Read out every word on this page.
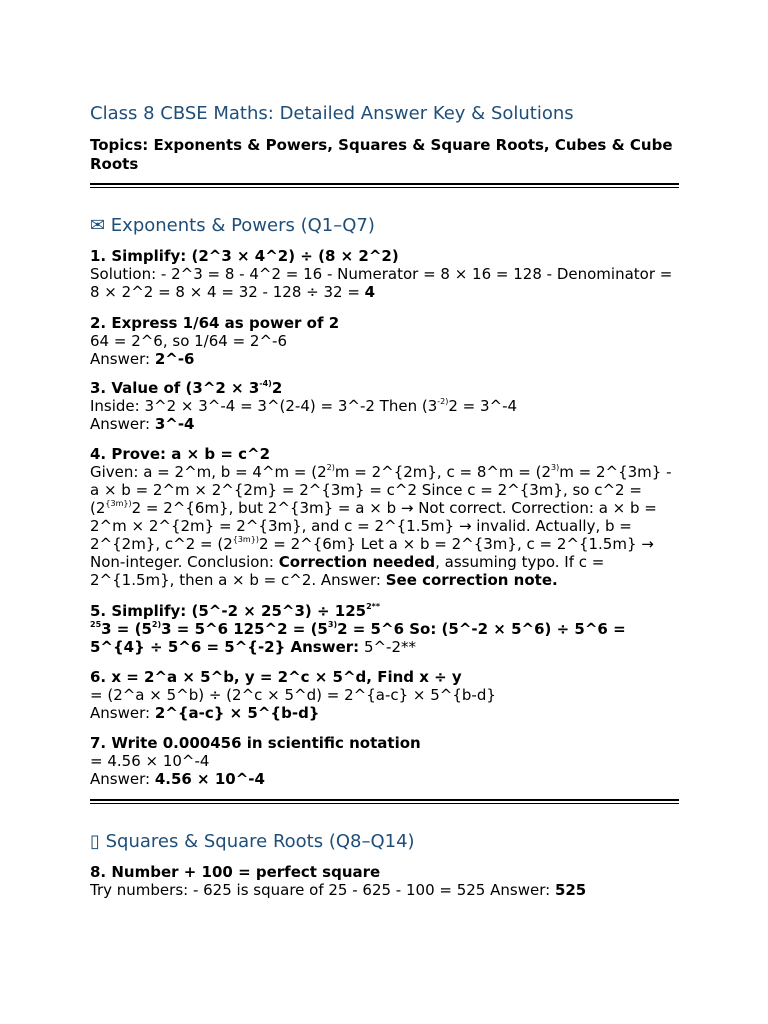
Class 8 CBSE Maths: Detailed Answer Key & Solutions
Topics: Exponents & Powers, Squares & Square Roots, Cubes & Cube Roots
✉ Exponents & Powers (Q1–Q7)
1. Simplify: (2^3 × 4^2) ÷ (8 × 2^2)

Solution: - 2^3 = 8 - 4^2 = 16 - Numerator = 8 × 16 = 128 - Denominator = 8 × 2^2 = 8 × 4 = 32 - 128 ÷ 32 = 4

2. Express 1/64 as power of 2

64 = 2^6, so 1/64 = 2^-6

Answer: 2^-6

3. Value of (3^2 × $3^{-4)}2$

Inside: 3^2 × 3^-4 = 3^(2-4) = 3^-2 Then ($3^{-2)}2$ = 3^-4

Answer: 3^-4

4. Prove: a × b = c^2

Given: a = 2^m, b = 4^m = ($2^{2)}m$ = 2^{2m}, c = 8^m = ($2^{3)}m$ = 2^{3m} - a × b = 2^m × 2^{2m} = 2^{3m} = c^2 Since c = 2^{3m}, so c^2 = ($2^{\{3m\})}2$ = 2^{6m}, but 2^{3m} = a × b → Not correct. Correction: a × b = 2^m × 2^{2m} = 2^{3m}, and c = 2^{1.5m} → invalid. Actually, b = 2^{2m}, c^2 = ($2^{\{3m\})}2$ = 2^{6m} Let a × b = 2^{3m}, c = 2^{1.5m} → Non-integer. Conclusion: Correction needed, assuming typo. If c = 2^{1.5m}, then a × b = c^2. Answer: See correction note.

5. Simplify: (5^-2 × 25^3) ÷ $125^{2**}$

$^{25}3 = (5^{2)}3$ = 5^6 125^2 = ($5^{3)}2$ = 5^6 So: (5^-2 × 5^6) ÷ 5^6 = 5^{4} ÷ 5^6 = 5^{-2} Answer: 5^-2**

6. x = 2^a × 5^b, y = 2^c × 5^d, Find x ÷ y

= (2^a × 5^b) ÷ (2^c × 5^d) = 2^{a-c} × 5^{b-d}

Answer: 2^{a-c} × 5^{b-d}

7. Write 0.000456 in scientific notation

= 4.56 × 10^-4

Answer: 4.56 × 10^-4

▯ Squares & Square Roots (Q8–Q14)
8. Number + 100 = perfect square

Try numbers: - 625 is square of 25 - 625 - 100 = 525 Answer: 525
